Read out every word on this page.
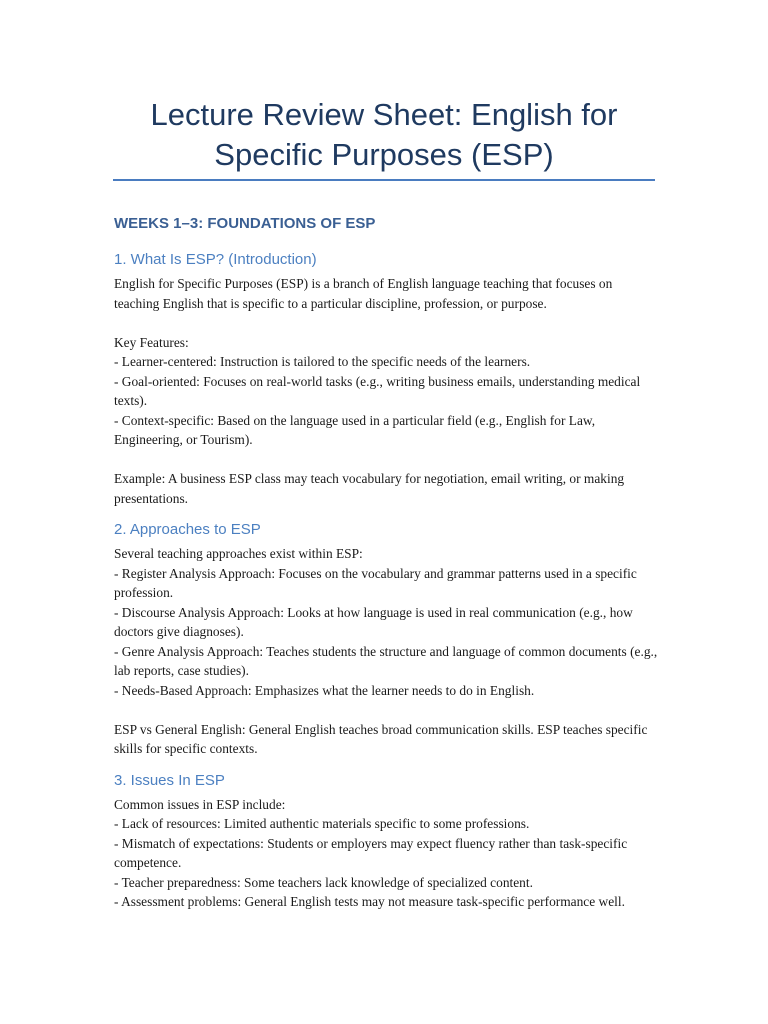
Lecture Review Sheet: English for Specific Purposes (ESP)
WEEKS 1–3: FOUNDATIONS OF ESP
1. What Is ESP? (Introduction)

English for Specific Purposes (ESP) is a branch of English language teaching that focuses on teaching English that is specific to a particular discipline, profession, or purpose.

Key Features:

- Learner-centered: Instruction is tailored to the specific needs of the learners.

- Goal-oriented: Focuses on real-world tasks (e.g., writing business emails, understanding medical texts).

- Context-specific: Based on the language used in a particular field (e.g., English for Law, Engineering, or Tourism).

Example: A business ESP class may teach vocabulary for negotiation, email writing, or making presentations.

2. Approaches to ESP

Several teaching approaches exist within ESP:

- Register Analysis Approach: Focuses on the vocabulary and grammar patterns used in a specific profession.

- Discourse Analysis Approach: Looks at how language is used in real communication (e.g., how doctors give diagnoses).

- Genre Analysis Approach: Teaches students the structure and language of common documents (e.g., lab reports, case studies).

- Needs-Based Approach: Emphasizes what the learner needs to do in English.

ESP vs General English: General English teaches broad communication skills. ESP teaches specific skills for specific contexts.

3. Issues In ESP

Common issues in ESP include:

- Lack of resources: Limited authentic materials specific to some professions.

- Mismatch of expectations: Students or employers may expect fluency rather than task-specific competence.

- Teacher preparedness: Some teachers lack knowledge of specialized content.

- Assessment problems: General English tests may not measure task-specific performance well.
